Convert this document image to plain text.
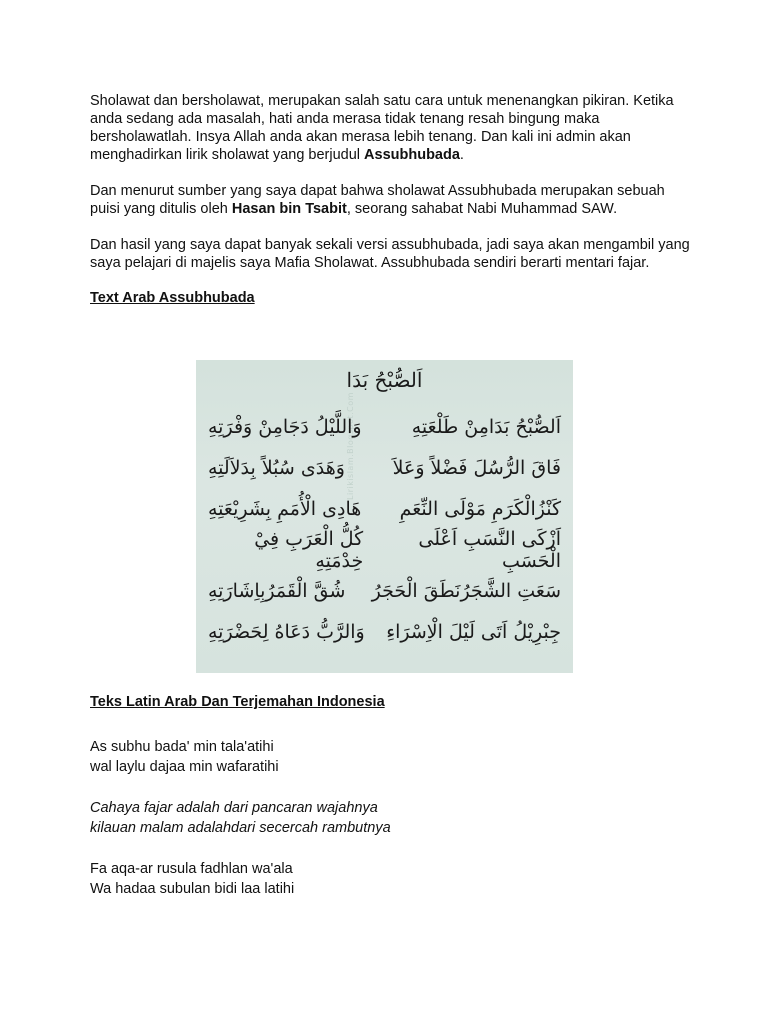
Sholawat dan bersholawat, merupakan salah satu cara untuk menenangkan pikiran. Ketika anda sedang ada masalah, hati anda merasa tidak tenang resah bingung maka bersholawatlah. Insya Allah anda akan merasa lebih tenang. Dan kali ini admin akan menghadirkan lirik sholawat yang berjudul Assubhubada.

Dan menurut sumber yang saya dapat bahwa sholawat Assubhubada merupakan sebuah puisi yang ditulis oleh Hasan bin Tsabit, seorang sahabat Nabi Muhammad SAW.

Dan hasil yang saya dapat banyak sekali versi assubhubada, jadi saya akan mengambil yang saya pelajari di majelis saya Mafia Sholawat. Assubhubada sendiri berarti mentari fajar.

Text Arab Assubhubada

اَلصُّبْحُ بَدَا
Lirikislam.Blogspot.Com	اَلصُّبْحُ بَدَامِنْ طَلْعَتِهِ
وَاللَّيْلُ دَجَامِنْ وَفْرَتِهِ
فَاقَ الرُّسُلَ فَضْلاً وَعَلاَ
وَهَدَى سُبُلاً بِدَلاَلَتِهِ
كَنْزُالْكَرَمِ مَوْلَى النِّعَمِ
هَادِى الْأُمَمِ بِشَرِيْعَتِهِ
اَزْكَى النَّسَبِ اَعْلَى الْحَسَبِ
كُلُّ الْعَرَبِ فِيْ خِدْمَتِهِ
سَعَتِ الشَّجَرُنَطَقَ الْحَجَرُ
شُقَّ الْقَمَرُبِاِشَارَتِهِ
جِبْرِيْلُ اَتَى لَيْلَ الْاِسْرَاءِ
وَالرَّبُّ دَعَاهُ لِحَضْرَتِهِ

Teks Latin Arab Dan Terjemahan Indonesia

As subhu bada' min tala'atihi

wal laylu dajaa min wafaratihi

Cahaya fajar adalah dari pancaran wajahnya

kilauan malam adalahdari secercah rambutnya

Fa aqa-ar rusula fadhlan wa'ala

Wa hadaa subulan bidi laa latihi
